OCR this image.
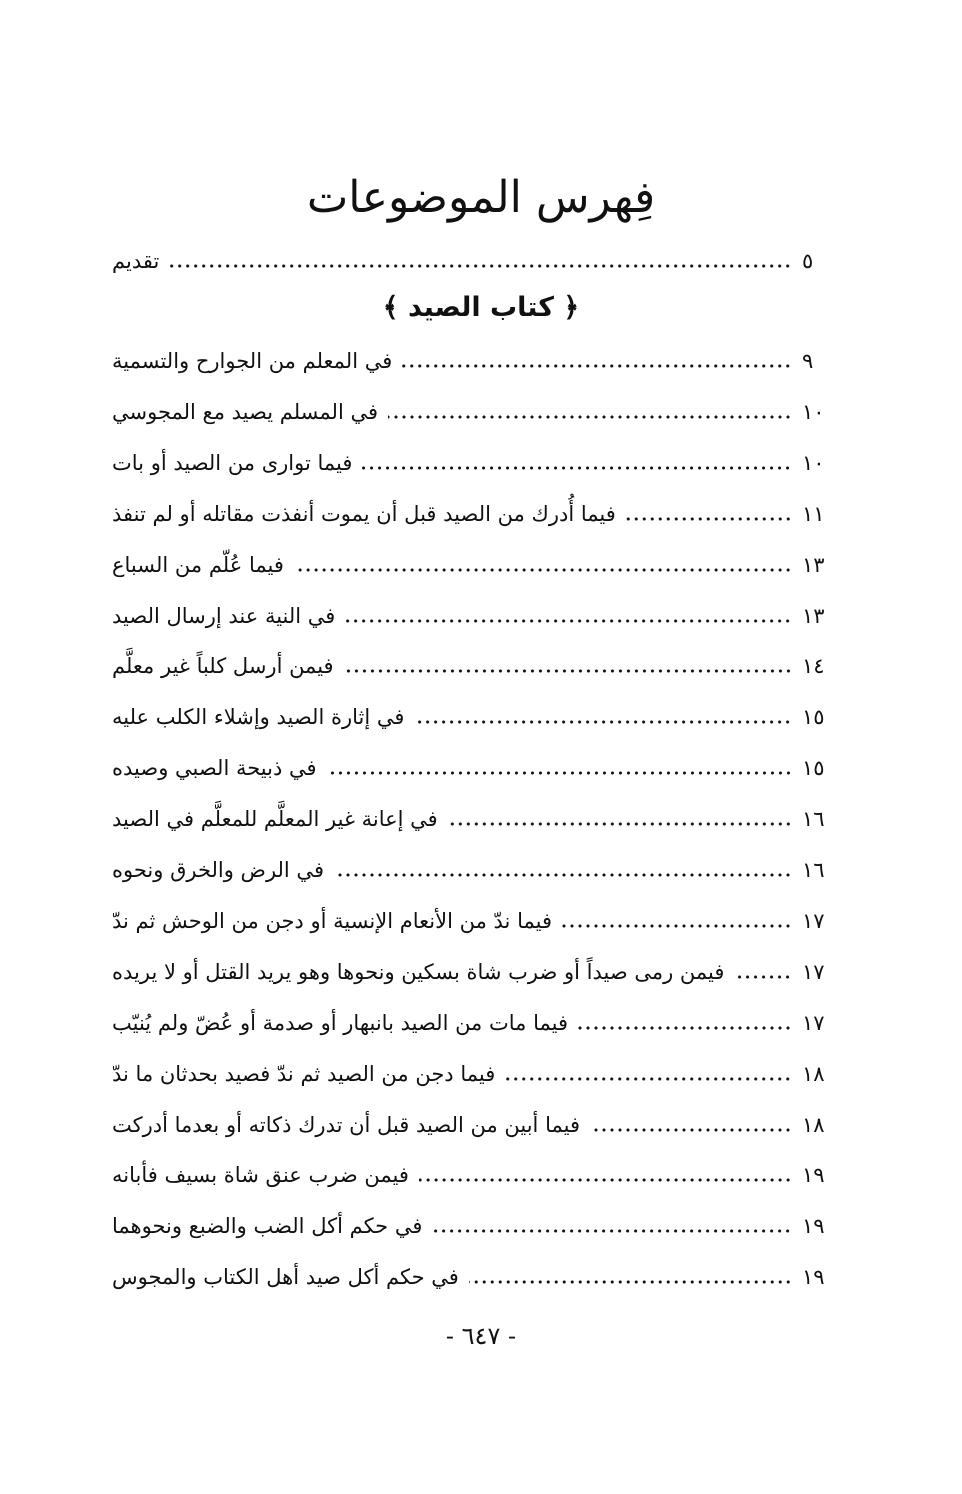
فِهرس الموضوعات
تقديم	٥
﴿ كتاب الصيد ﴾
في المعلم من الجوارح والتسمية	٩
في المسلم يصيد مع المجوسي	١٠
فيما توارى من الصيد أو بات	١٠
فيما أُدرك من الصيد قبل أن يموت أنفذت مقاتله أو لم تنفذ	١١
فيما عُلّم من السباع	١٣
في النية عند إرسال الصيد	١٣
فيمن أرسل كلباً غير معلَّم	١٤
في إثارة الصيد وإشلاء الكلب عليه	١٥
في ذبيحة الصبي وصيده	١٥
في إعانة غير المعلَّم للمعلَّم في الصيد	١٦
في الرض والخرق ونحوه	١٦
فيما ندّ من الأنعام الإنسية أو دجن من الوحش ثم ندّ	١٧
فيمن رمى صيداً أو ضرب شاة بسكين ونحوها وهو يريد القتل أو لا يريده	١٧
فيما مات من الصيد بانبهار أو صدمة أو عُضّ ولم يُنيّب	١٧
فيما دجن من الصيد ثم ندّ فصيد بحدثان ما ندّ	١٨
فيما أبين من الصيد قبل أن تدرك ذكاته أو بعدما أدركت	١٨
فيمن ضرب عنق شاة بسيف فأبانه	١٩
في حكم أكل الضب والضبع ونحوهما	١٩
في حكم أكل صيد أهل الكتاب والمجوس	١٩
- ٦٤٧ -
